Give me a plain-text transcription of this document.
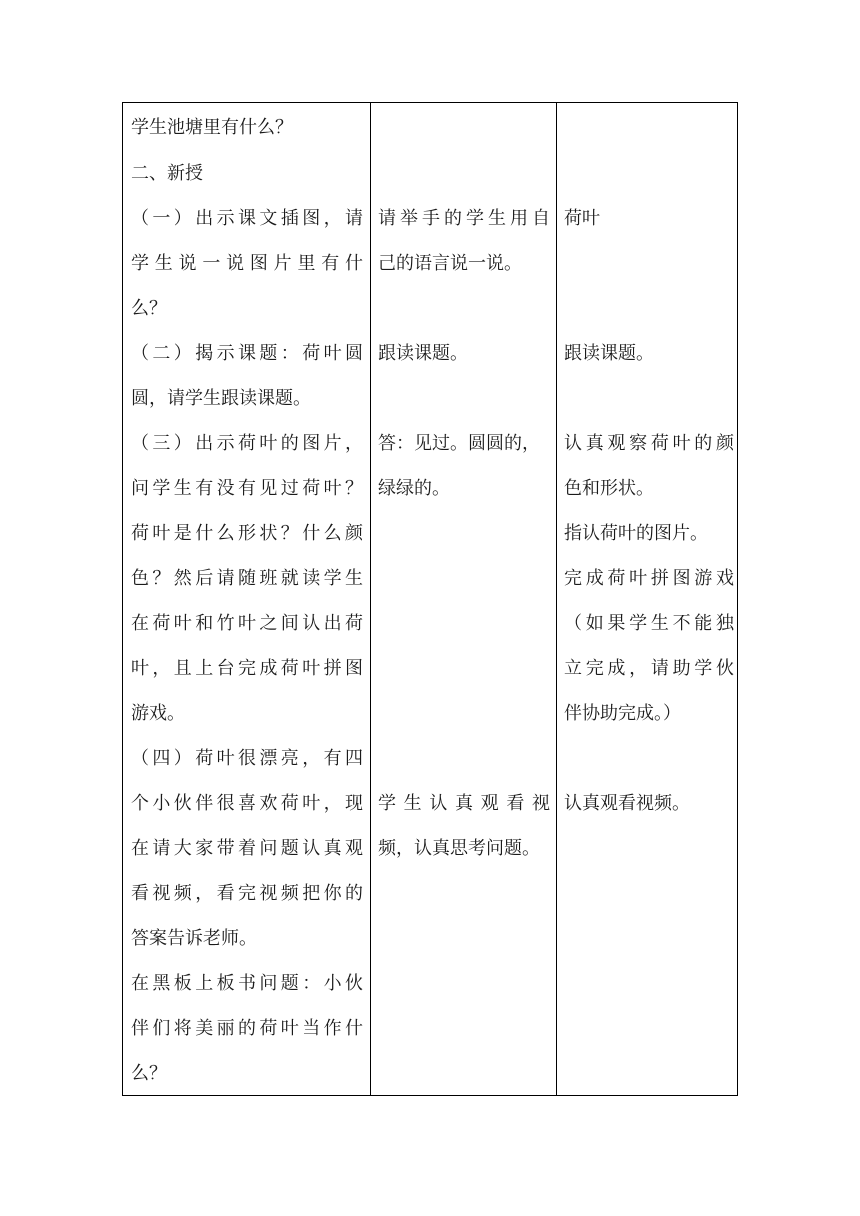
学生池塘里有什么？
二、新授
（一）出示课文插图，请
学生说一说图片里有什
么？
（二）揭示课题：荷叶圆
圆，请学生跟读课题。
（三）出示荷叶的图片，
问学生有没有见过荷叶？
荷叶是什么形状？什么颜
色？然后请随班就读学生
在荷叶和竹叶之间认出荷
叶，且上台完成荷叶拼图
游戏。
（四）荷叶很漂亮，有四
个小伙伴很喜欢荷叶，现
在请大家带着问题认真观
看视频，看完视频把你的
答案告诉老师。
在黑板上板书问题：小伙
伴们将美丽的荷叶当作什
么？
请举手的学生用自
己的语言说一说。
跟读课题。
答：见过。圆圆的，
绿绿的。
学生认真观看视
频，认真思考问题。
荷叶
跟读课题。
认真观察荷叶的颜
色和形状。
指认荷叶的图片。
完成荷叶拼图游戏
（如果学生不能独
立完成，请助学伙
伴协助完成。）
认真观看视频。
